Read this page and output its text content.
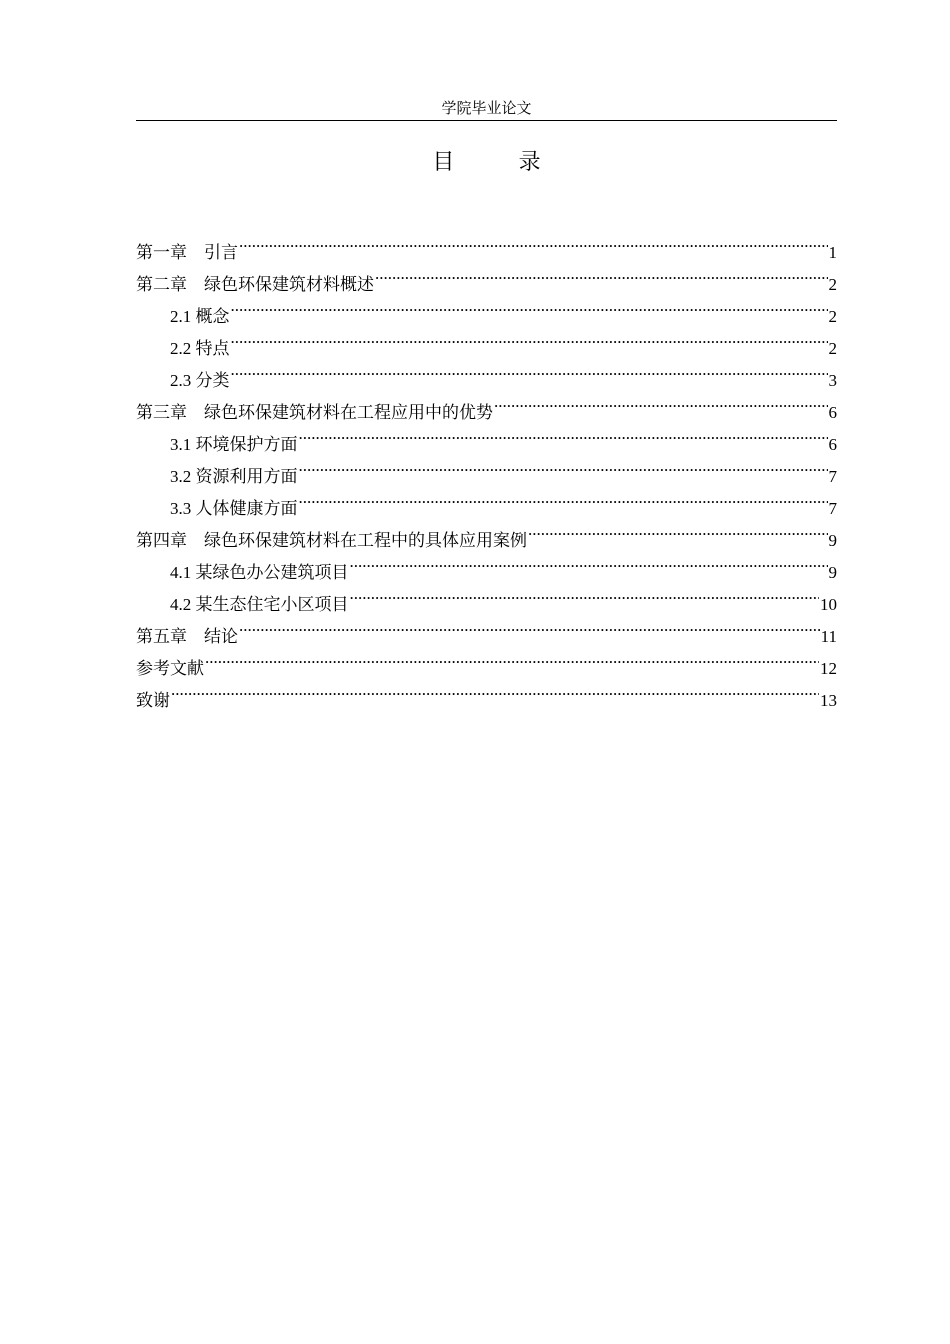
学院毕业论文
目 录
第一章　引言 .....	1
第二章　绿色环保建筑材料概述 .....	2
2.1 概念 .....	2
2.2 特点 .....	2
2.3 分类 .....	3
第三章　绿色环保建筑材料在工程应用中的优势 .....	6
3.1 环境保护方面 .....	6
3.2 资源利用方面 .....	7
3.3 人体健康方面 .....	7
第四章　绿色环保建筑材料在工程中的具体应用案例 .....	9
4.1 某绿色办公建筑项目 .....	9
4.2 某生态住宅小区项目 .....	10
第五章　结论 .....	11
参考文献 .....	12
致谢 .....	13
